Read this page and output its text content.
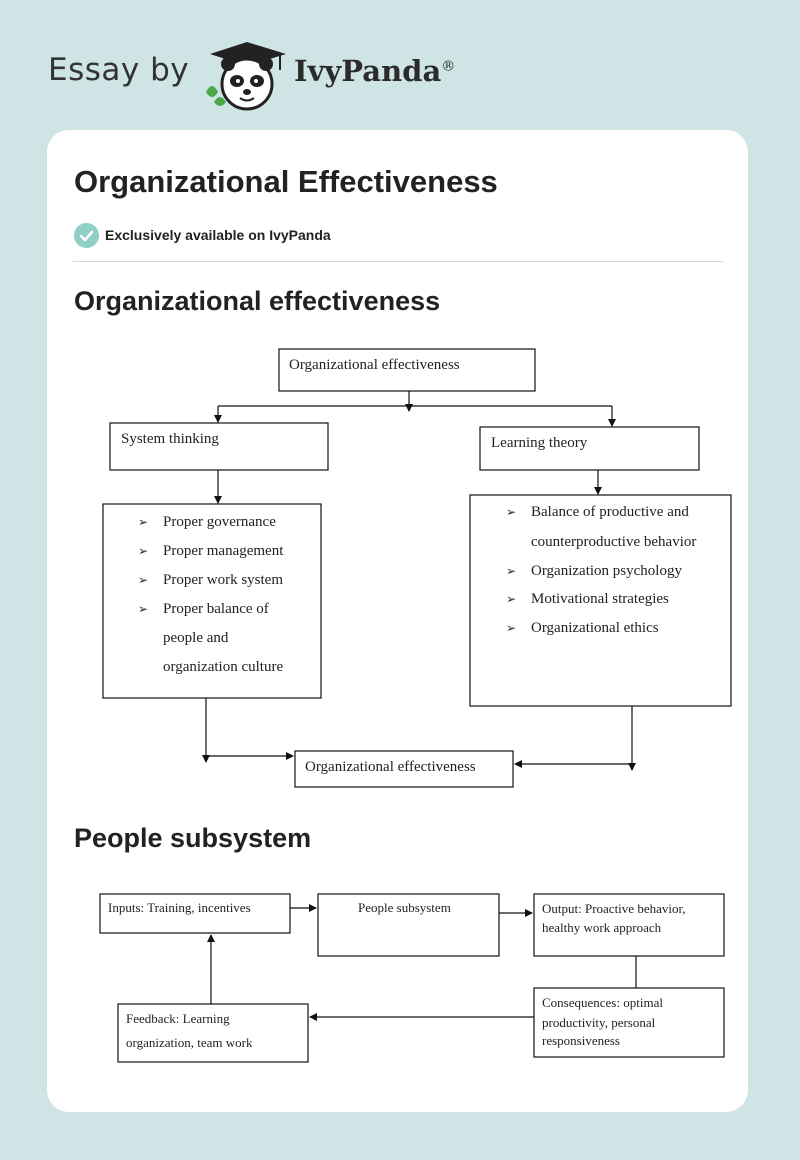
Essay by	IvyPanda®
Organizational Effectiveness
Exclusively available on IvyPanda
Organizational effectiveness
People subsystem
Organizational effectiveness
System thinking	Learning theory
➢ Proper governance
➢ Proper management
➢ Proper work system
➢ Proper balance of
people and
organization culture
➢ Balance of productive and
counterproductive behavior
➢ Organization psychology
➢ Motivational strategies
➢ Organizational ethics
Organizational effectiveness
Inputs: Training, incentives	People subsystem	Output: Proactive behavior,
healthy work approach
Consequences: optimal
productivity, personal
responsiveness
Feedback: Learning
organization, team work
